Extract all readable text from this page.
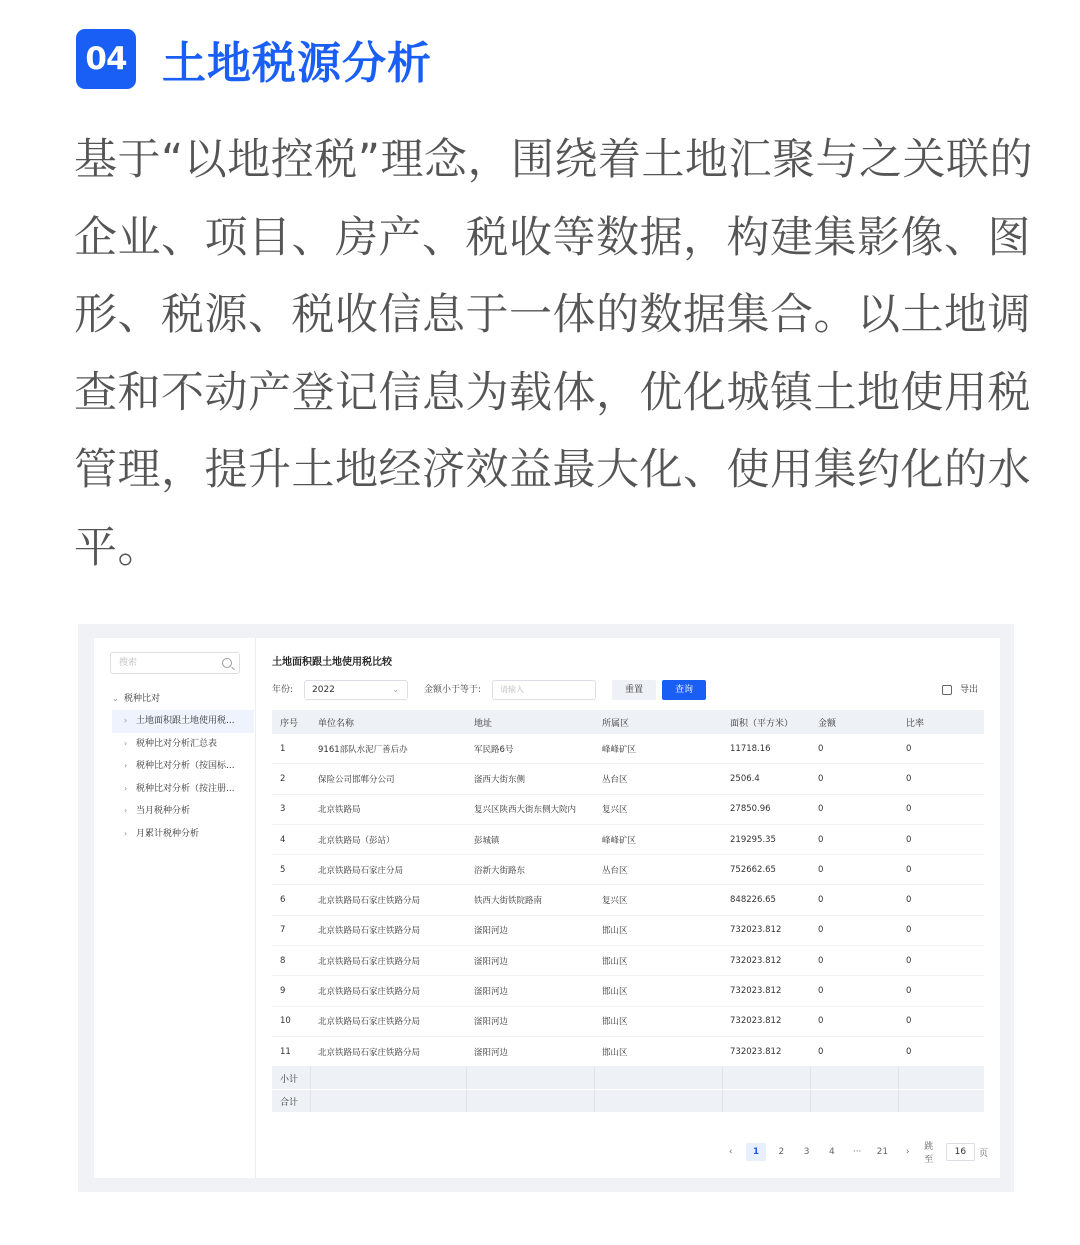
04 土地税源分析
基于“以地控税”理念，围绕着土地汇聚与之关联的企业、项目、房产、税收等数据，构建集影像、图形、税源、税收信息于一体的数据集合。以土地调查和不动产登记信息为载体，优化城镇土地使用税管理，提升土地经济效益最大化、使用集约化的水平。
搜索
⌄ 税种比对
› 土地面积跟土地使用税...
› 税种比对分析汇总表
› 税种比对分析（按国标...
› 税种比对分析（按注册...
› 当月税种分析
› 月累计税种分析
土地面积跟土地使用税比较
年份:	2022	⌄	金额小于等于:	请输入	重置	查询	导出
序号	单位名称	地址	所属区	面积（平方米）	金额	比率
1	9161部队水泥厂善后办	军民路6号	峰峰矿区	11718.16	0	0
2	保险公司邯郸分公司	滏西大街东侧	丛台区	2506.4	0	0
3	北京铁路局	复兴区陕西大街东侧大院内	复兴区	27850.96	0	0
4	北京铁路局（彭站）	彭城镇	峰峰矿区	219295.35	0	0
5	北京铁路局石家庄分局	浴新大街路东	丛台区	752662.65	0	0
6	北京铁路局石家庄铁路分局	铁西大街铁院路南	复兴区	848226.65	0	0
7	北京铁路局石家庄铁路分局	滏阳河边	邯山区	732023.812	0	0
8	北京铁路局石家庄铁路分局	滏阳河边	邯山区	732023.812	0	0
9	北京铁路局石家庄铁路分局	滏阳河边	邯山区	732023.812	0	0
10	北京铁路局石家庄铁路分局	滏阳河边	邯山区	732023.812	0	0
11	北京铁路局石家庄铁路分局	滏阳河边	邯山区	732023.812	0	0
小计
合计
‹	1	2	3	4	···	21	›	跳至
16	页
